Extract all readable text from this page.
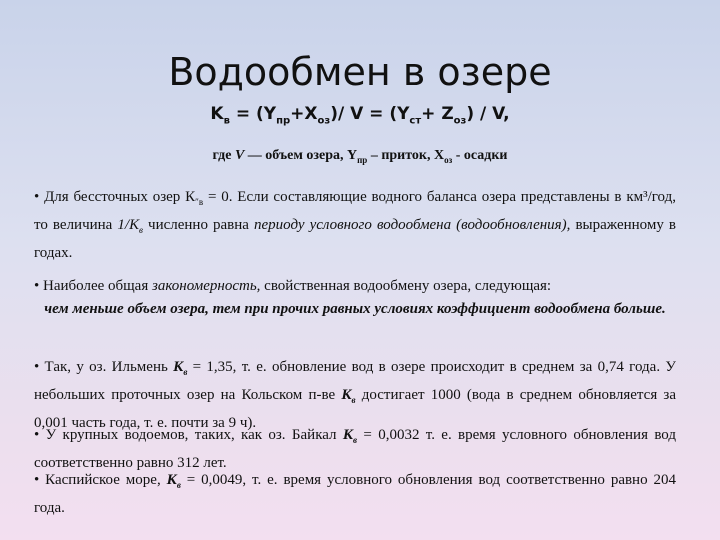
Водообмен в озере
$K_в = (Y_{пр}+X_{оз})/$ $V = (Y_{ст}+ Z_{оз}) / V$,
где V — объем озера, $Y_{пр}$ – приток, $X_{оз}$ - осадки
• Для бессточных озер $К_{''в} = 0$. Если составляющие водного баланса озера представлены в км³/год, то величина $1/К_в$ численно равна периоду условного водообмена (водообновления), выраженному в годах.
• Наиболее общая закономерность, свойственная водообмену озера, следующая:
чем меньше объем озера, тем при прочих равных условиях коэффициент водообмена больше.
• Так, у оз. Ильмень $К_в = 1,35$, т. е. обновление вод в озере происходит в среднем за 0,74 года. У небольших проточных озер на Кольском п-ве $К_в$ достигает 1000 (вода в среднем обновляется за 0,001 часть года, т. е. почти за 9 ч).
• У крупных водоемов, таких, как оз. Байкал $К_в = 0,0032$ т. е. время условного обновления вод соответственно равно 312 лет.
• Каспийское море, $К_в = 0,0049$, т. е. время условного обновления вод соответственно равно 204 года.
